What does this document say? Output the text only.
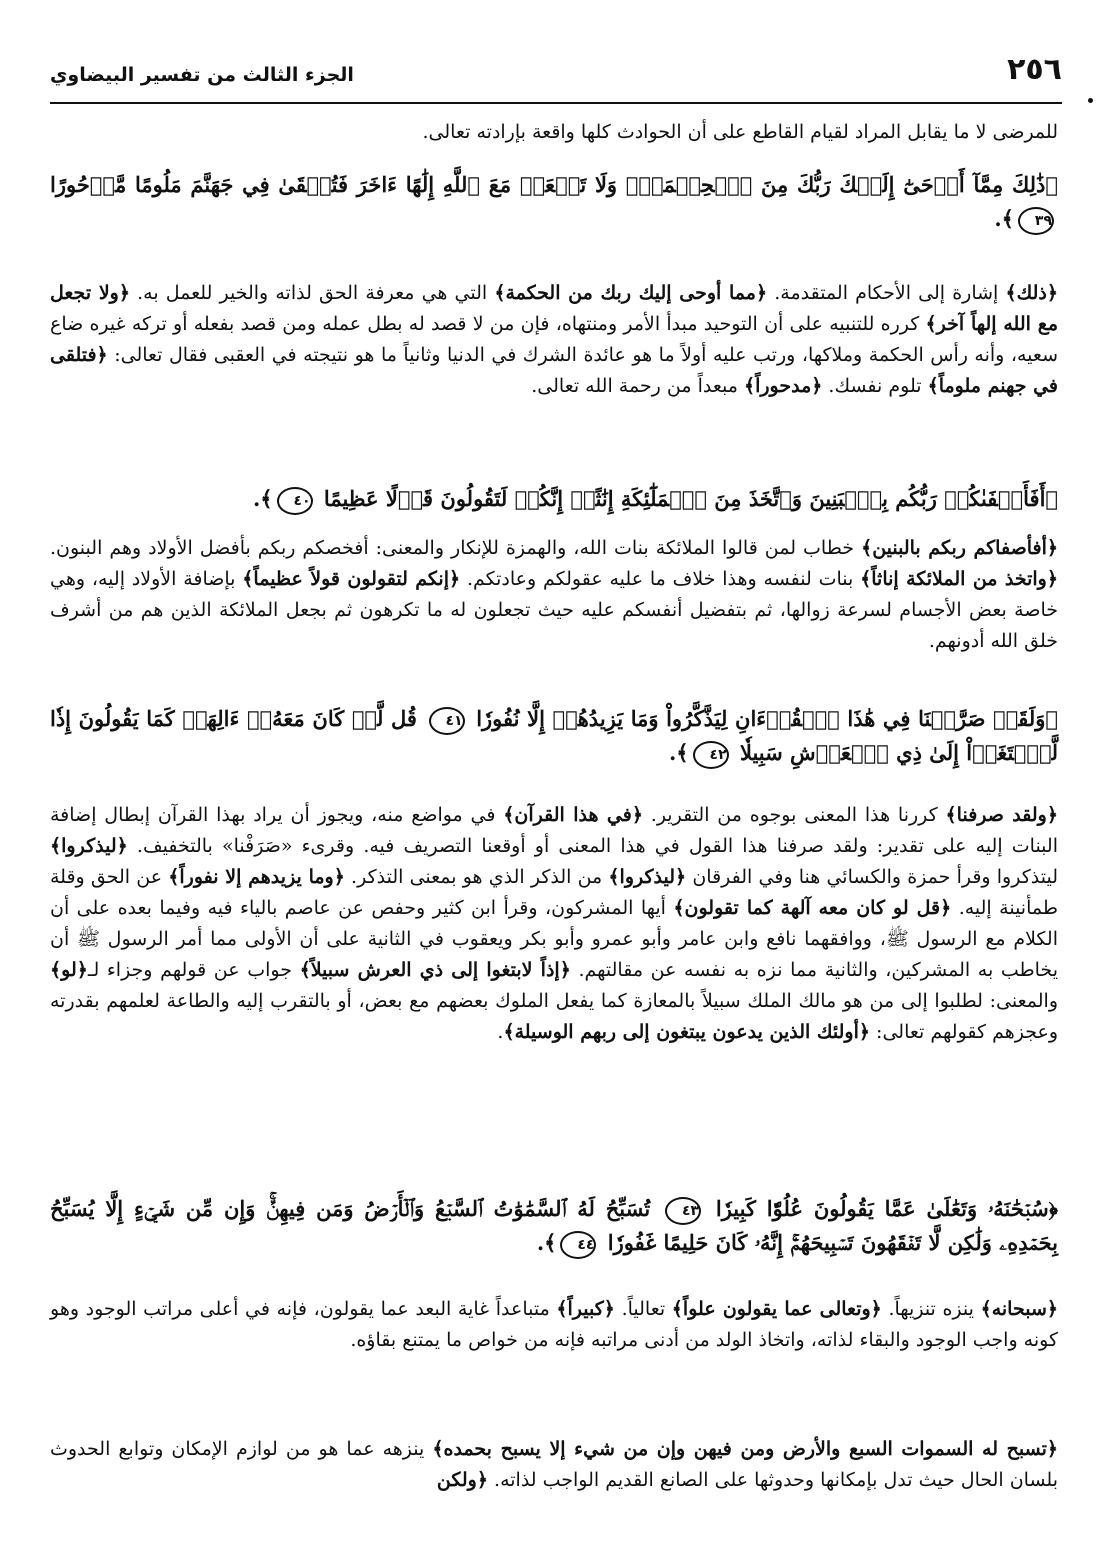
٢٥٦
الجزء الثالث من تفسير البيضاوي
للمرضى لا ما يقابل المراد لقيام القاطع على أن الحوادث كلها واقعة بإرادته تعالى.
﴿ذَٰلِكَ مِمَّآ أَوۡحَىٰٓ إِلَيۡكَ رَبُّكَ مِنَ ٱلۡحِكۡمَةِۗ وَلَا تَجۡعَلۡ مَعَ ٱللَّهِ إِلَٰهًا ءَاخَرَ فَتُلۡقَىٰ فِي جَهَنَّمَ مَلُومًا مَّدۡحُورًا ٣٩﴾.
﴿ذلك﴾ إشارة إلى الأحكام المتقدمة. ﴿مما أوحى إليك ربك من الحكمة﴾ التي هي معرفة الحق لذاته والخير للعمل به. ﴿ولا تجعل مع الله إلهاً آخر﴾ كرره للتنبيه على أن التوحيد مبدأ الأمر ومنتهاه، فإن من لا قصد له بطل عمله ومن قصد بفعله أو تركه غيره ضاع سعيه، وأنه رأس الحكمة وملاكها، ورتب عليه أولاً ما هو عائدة الشرك في الدنيا وثانياً ما هو نتيجته في العقبى فقال تعالى: ﴿فتلقى في جهنم ملوماً﴾ تلوم نفسك. ﴿مدحوراً﴾ مبعداً من رحمة الله تعالى.
﴿أَفَأَصۡفَىٰكُمۡ رَبُّكُم بِٱلۡبَنِينَ وَٱتَّخَذَ مِنَ ٱلۡمَلَٰٓئِكَةِ إِنَٰثًاۚ إِنَّكُمۡ لَتَقُولُونَ قَوۡلًا عَظِيمًا ٤٠﴾.
﴿أفأصفاكم ربكم بالبنين﴾ خطاب لمن قالوا الملائكة بنات الله، والهمزة للإنكار والمعنى: أفخصكم ربكم بأفضل الأولاد وهم البنون. ﴿واتخذ من الملائكة إناثاً﴾ بنات لنفسه وهذا خلاف ما عليه عقولكم وعادتكم. ﴿إنكم لتقولون قولاً عظيماً﴾ بإضافة الأولاد إليه، وهي خاصة بعض الأجسام لسرعة زوالها، ثم بتفضيل أنفسكم عليه حيث تجعلون له ما تكرهون ثم بجعل الملائكة الذين هم من أشرف خلق الله أدونهم.
﴿وَلَقَدۡ صَرَّفۡنَا فِي هَٰذَا ٱلۡقُرۡءَانِ لِيَذَّكَّرُواْ وَمَا يَزِيدُهُمۡ إِلَّا نُفُورٗا ٤١ قُل لَّوۡ كَانَ مَعَهُۥٓ ءَالِهَةٞ كَمَا يَقُولُونَ إِذٗا لَّٱبۡتَغَوۡاْ إِلَىٰ ذِي ٱلۡعَرۡشِ سَبِيلٗا ٤٢﴾.
﴿ولقد صرفنا﴾ كررنا هذا المعنى بوجوه من التقرير. ﴿في هذا القرآن﴾ في مواضع منه، ويجوز أن يراد بهذا القرآن إبطال إضافة البنات إليه على تقدير: ولقد صرفنا هذا القول في هذا المعنى أو أوقعنا التصريف فيه. وقرىء «صَرَفْنا» بالتخفيف. ﴿ليذكروا﴾ ليتذكروا وقرأ حمزة والكسائي هنا وفي الفرقان ﴿ليذكروا﴾ من الذكر الذي هو بمعنى التذكر. ﴿وما يزيدهم إلا نفوراً﴾ عن الحق وقلة طمأنينة إليه. ﴿قل لو كان معه آلهة كما تقولون﴾ أيها المشركون، وقرأ ابن كثير وحفص عن عاصم بالياء فيه وفيما بعده على أن الكلام مع الرسول ﷺ، ووافقهما نافع وابن عامر وأبو عمرو وأبو بكر ويعقوب في الثانية على أن الأولى مما أمر الرسول ﷺ أن يخاطب به المشركين، والثانية مما نزه به نفسه عن مقالتهم. ﴿إذاً لابتغوا إلى ذي العرش سبيلاً﴾ جواب عن قولهم وجزاء لـ﴿لو﴾ والمعنى: لطلبوا إلى من هو مالك الملك سبيلاً بالمعازة كما يفعل الملوك بعضهم مع بعض، أو بالتقرب إليه والطاعة لعلمهم بقدرته وعجزهم كقولهم تعالى: ﴿أولئك الذين يدعون يبتغون إلى ربهم الوسيلة﴾.
﴿سُبۡحَٰنَهُۥ وَتَعَٰلَىٰ عَمَّا يَقُولُونَ عُلُوّٗا كَبِيرٗا ٤٣ تُسَبِّحُ لَهُ ٱلسَّمَٰوَٰتُ ٱلسَّبۡعُ وَٱلۡأَرۡضُ وَمَن فِيهِنَّۚ وَإِن مِّن شَيۡءٍ إِلَّا يُسَبِّحُ بِحَمۡدِهِۦ وَلَٰكِن لَّا تَفۡقَهُونَ تَسۡبِيحَهُمۡۚ إِنَّهُۥ كَانَ حَلِيمًا غَفُورٗا ٤٤﴾.
﴿سبحانه﴾ ينزه تنزيهاً. ﴿وتعالى عما يقولون علواً﴾ تعالياً. ﴿كبيراً﴾ متباعداً غاية البعد عما يقولون، فإنه في أعلى مراتب الوجود وهو كونه واجب الوجود والبقاء لذاته، واتخاذ الولد من أدنى مراتبه فإنه من خواص ما يمتنع بقاؤه.
﴿تسبح له السموات السبع والأرض ومن فيهن وإن من شيء إلا يسبح بحمده﴾ ينزهه عما هو من لوازم الإمكان وتوابع الحدوث بلسان الحال حيث تدل بإمكانها وحدوثها على الصانع القديم الواجب لذاته. ﴿ولكن
